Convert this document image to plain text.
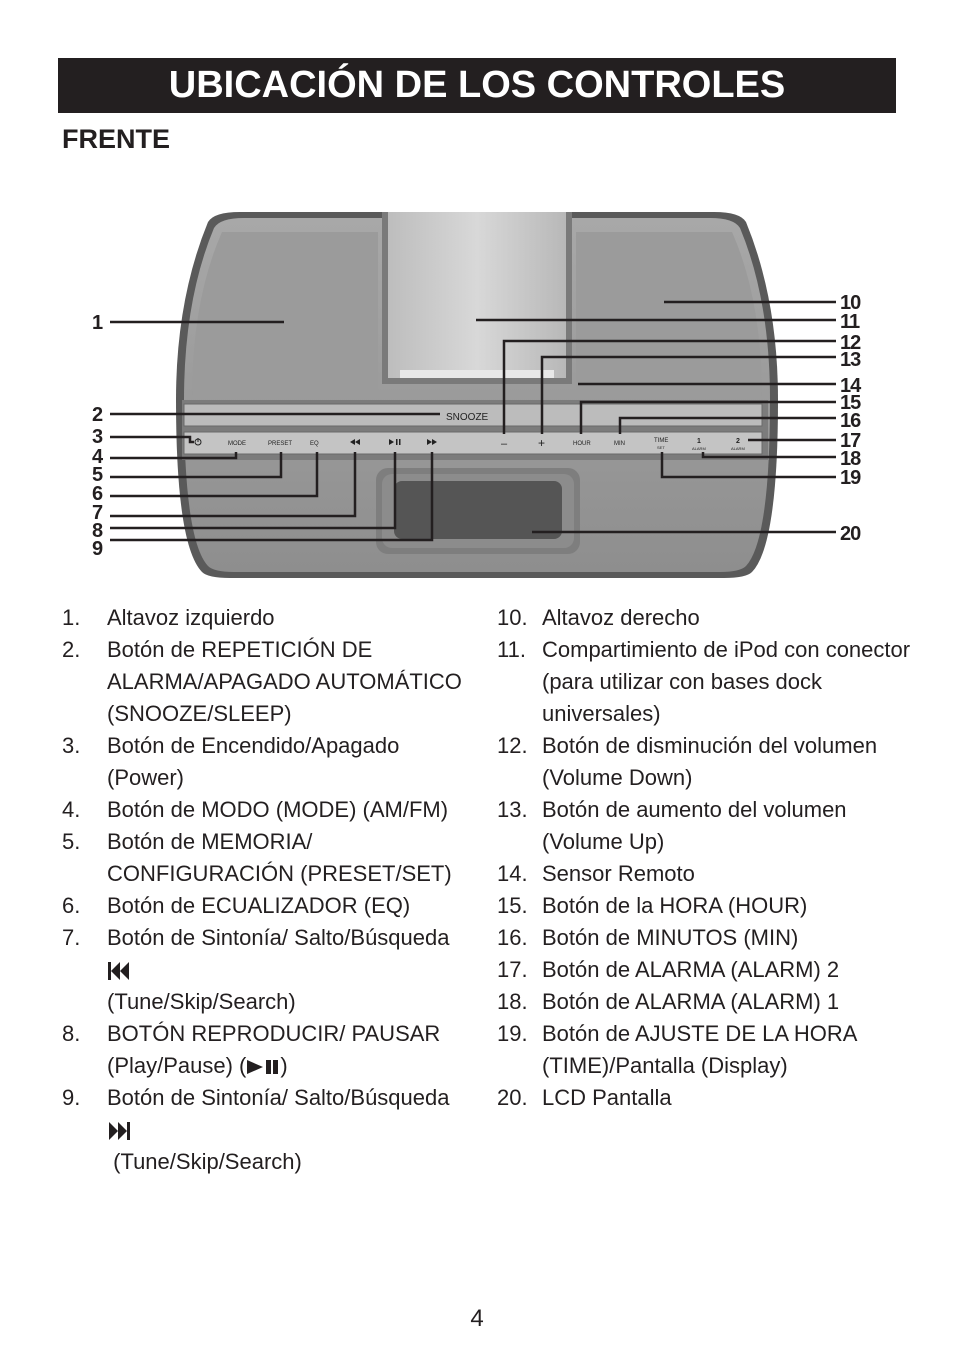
UBICACIÓN DE LOS CONTROLES
FRENTE
SNOOZE
MODE	PRESET	EQ	–	+	HOUR	MIN	TIME
SET
1
ALARM
2
ALARM
1
2
3
4
5
6
7
8
9
10
11
12
13
14
15
16
17
18
19
20
1.	Altavoz izquierdo
2.	Botón de REPETICIÓN DE ALARMA/APAGADO AUTOMÁTICO (SNOOZE/SLEEP)
3.	Botón de Encendido/Apagado (Power)
4.	Botón de MODO (MODE) (AM/FM)
5.	Botón de MEMORIA/ CONFIGURACIÓN (PRESET/SET)
6.	Botón de ECUALIZADOR (EQ)
7.	Botón de Sintonía/ Salto/Búsqueda
(Tune/Skip/Search)
8.	BOTÓN REPRODUCIR/ PAUSAR (Play/Pause) ( )
9.	Botón de Sintonía/ Salto/Búsqueda
(Tune/Skip/Search)
10. Altavoz derecho
11. Compartimiento de iPod con conector (para utilizar con bases dock universales)
12. Botón de disminución del volumen (Volume Down)
13. Botón de aumento del volumen (Volume Up)
14. Sensor Remoto
15. Botón de la HORA (HOUR)
16. Botón de MINUTOS (MIN)
17. Botón de ALARMA (ALARM) 2
18. Botón de ALARMA (ALARM) 1
19. Botón de AJUSTE DE LA HORA (TIME)/Pantalla (Display)
20. LCD Pantalla
4
